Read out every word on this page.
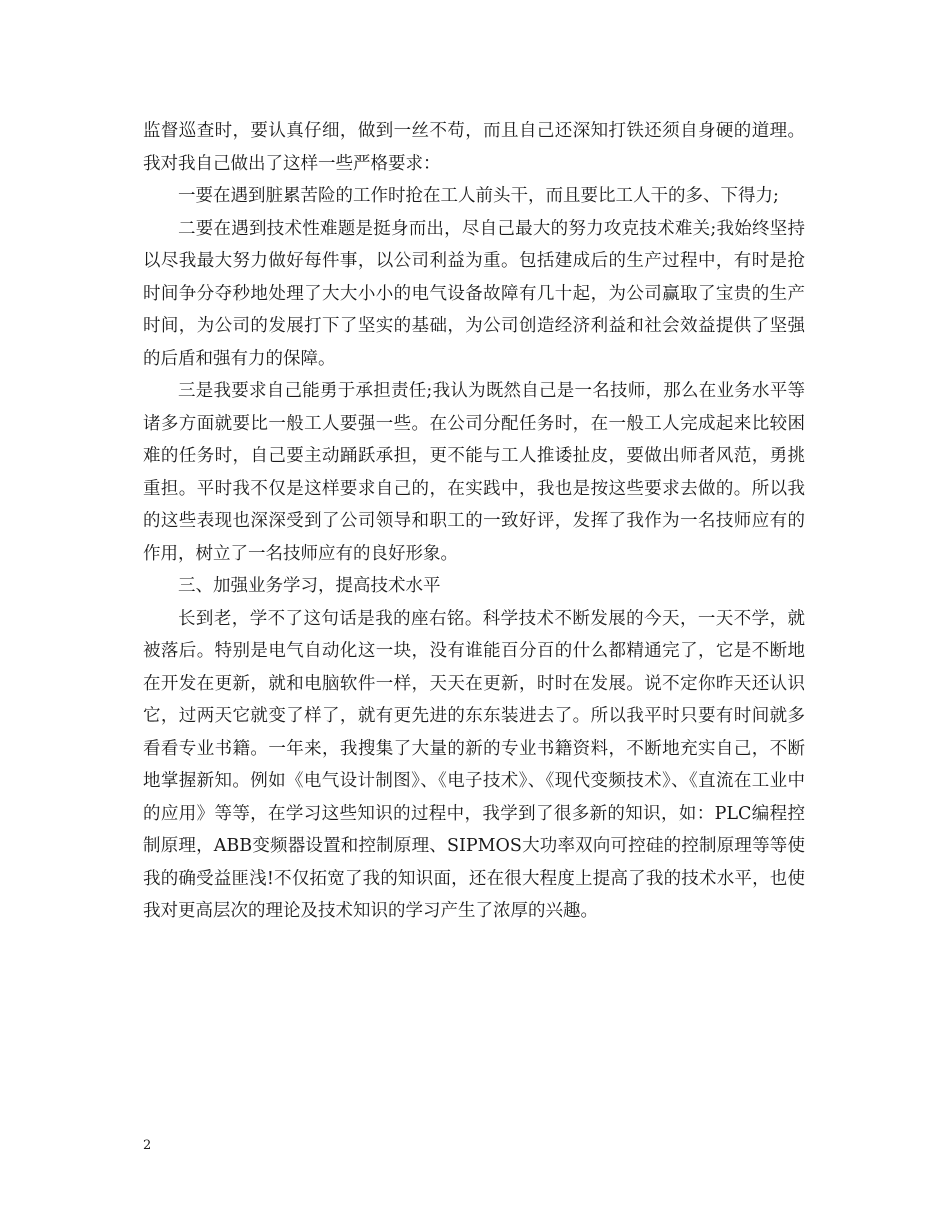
监督巡查时，要认真仔细，做到一丝不苟，而且自己还深知打铁还须自身硬的道理。我对我自己做出了这样一些严格要求：

一要在遇到脏累苦险的工作时抢在工人前头干，而且要比工人干的多、下得力;

二要在遇到技术性难题是挺身而出，尽自己最大的努力攻克技术难关;我始终坚持以尽我最大努力做好每件事，以公司利益为重。包括建成后的生产过程中，有时是抢时间争分夺秒地处理了大大小小的电气设备故障有几十起，为公司赢取了宝贵的生产时间，为公司的发展打下了坚实的基础，为公司创造经济利益和社会效益提供了坚强的后盾和强有力的保障。

三是我要求自己能勇于承担责任;我认为既然自己是一名技师，那么在业务水平等诸多方面就要比一般工人要强一些。在公司分配任务时，在一般工人完成起来比较困难的任务时，自己要主动踊跃承担，更不能与工人推诿扯皮，要做出师者风范，勇挑重担。平时我不仅是这样要求自己的，在实践中，我也是按这些要求去做的。所以我的这些表现也深深受到了公司领导和职工的一致好评，发挥了我作为一名技师应有的作用，树立了一名技师应有的良好形象。

三、加强业务学习，提高技术水平

长到老，学不了这句话是我的座右铭。科学技术不断发展的今天，一天不学，就被落后。特别是电气自动化这一块，没有谁能百分百的什么都精通完了，它是不断地在开发在更新，就和电脑软件一样，天天在更新，时时在发展。说不定你昨天还认识它，过两天它就变了样了，就有更先进的东东装进去了。所以我平时只要有时间就多看看专业书籍。一年来，我搜集了大量的新的专业书籍资料，不断地充实自己，不断地掌握新知。例如《电气设计制图》、《电子技术》、《现代变频技术》、《直流在工业中的应用》等等，在学习这些知识的过程中，我学到了很多新的知识，如：PLC编程控制原理，ABB变频器设置和控制原理、SIPMOS大功率双向可控硅的控制原理等等使我的确受益匪浅!不仅拓宽了我的知识面，还在很大程度上提高了我的技术水平，也使我对更高层次的理论及技术知识的学习产生了浓厚的兴趣。

2
